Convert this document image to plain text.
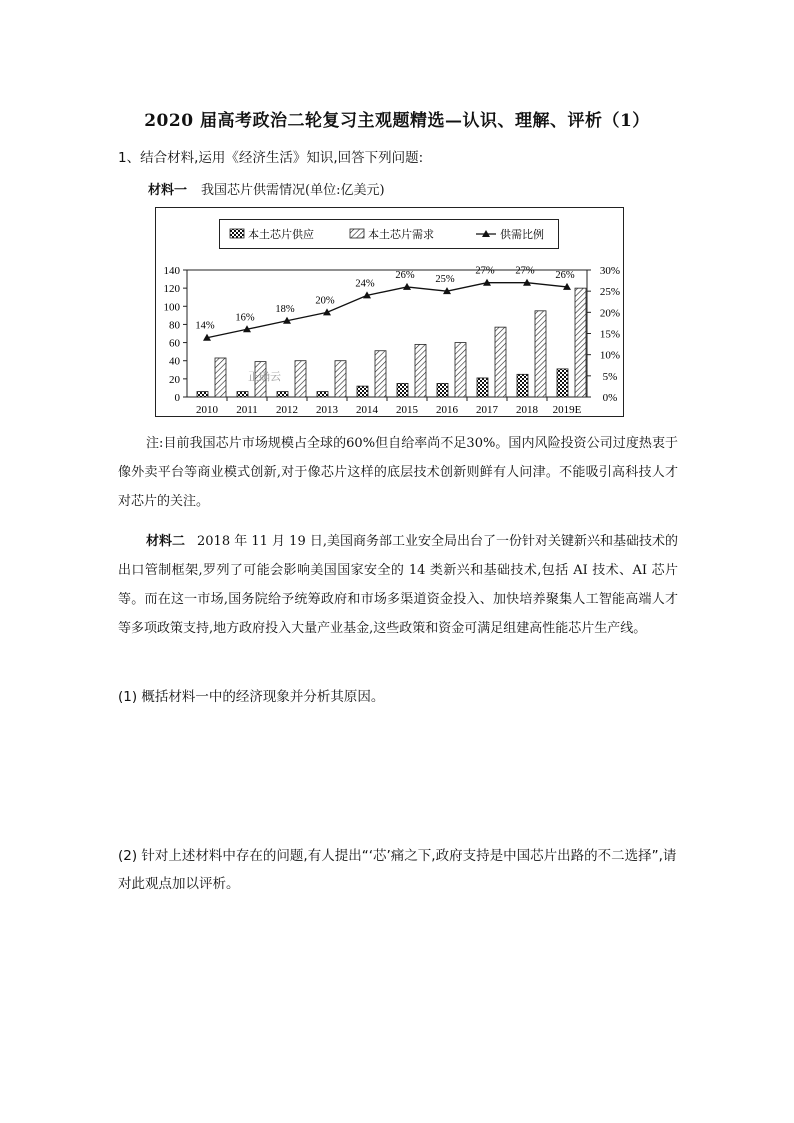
2020 届高考政治二轮复习主观题精选—认识、理解、评析（1）
1、结合材料,运用《经济生活》知识,回答下列问题:
材料一 我国芯片供需情况(单位:亿美元)
本土芯片供应	本土芯片需求	供需比例
0
20
40
60
80
100
120
140
0%
5%
10%
15%
20%
25%
30%
2010 2011 2012 2013 2014 2015 2016 2017 2018 2019E
14%
16%
18%
20%
24%
26% 25%
27% 27% 26%
正确云
注:目前我国芯片市场规模占全球的60%但自给率尚不足30%。国内风险投资公司过度热衷于像外卖平台等商业模式创新,对于像芯片这样的底层技术创新则鲜有人问津。不能吸引高科技人才对芯片的关注。
材料二 2018 年 11 月 19 日,美国商务部工业安全局出台了一份针对关键新兴和基础技术的出口管制框架,罗列了可能会影响美国国家安全的 14 类新兴和基础技术,包括 AI 技术、AI 芯片等。而在这一市场,国务院给予统筹政府和市场多渠道资金投入、加快培养聚集人工智能高端人才等多项政策支持,地方政府投入大量产业基金,这些政策和资金可满足组建高性能芯片生产线。
(1) 概括材料一中的经济现象并分析其原因。
(2) 针对上述材料中存在的问题,有人提出“‘芯’痛之下,政府支持是中国芯片出路的不二选择”,请对此观点加以评析。
